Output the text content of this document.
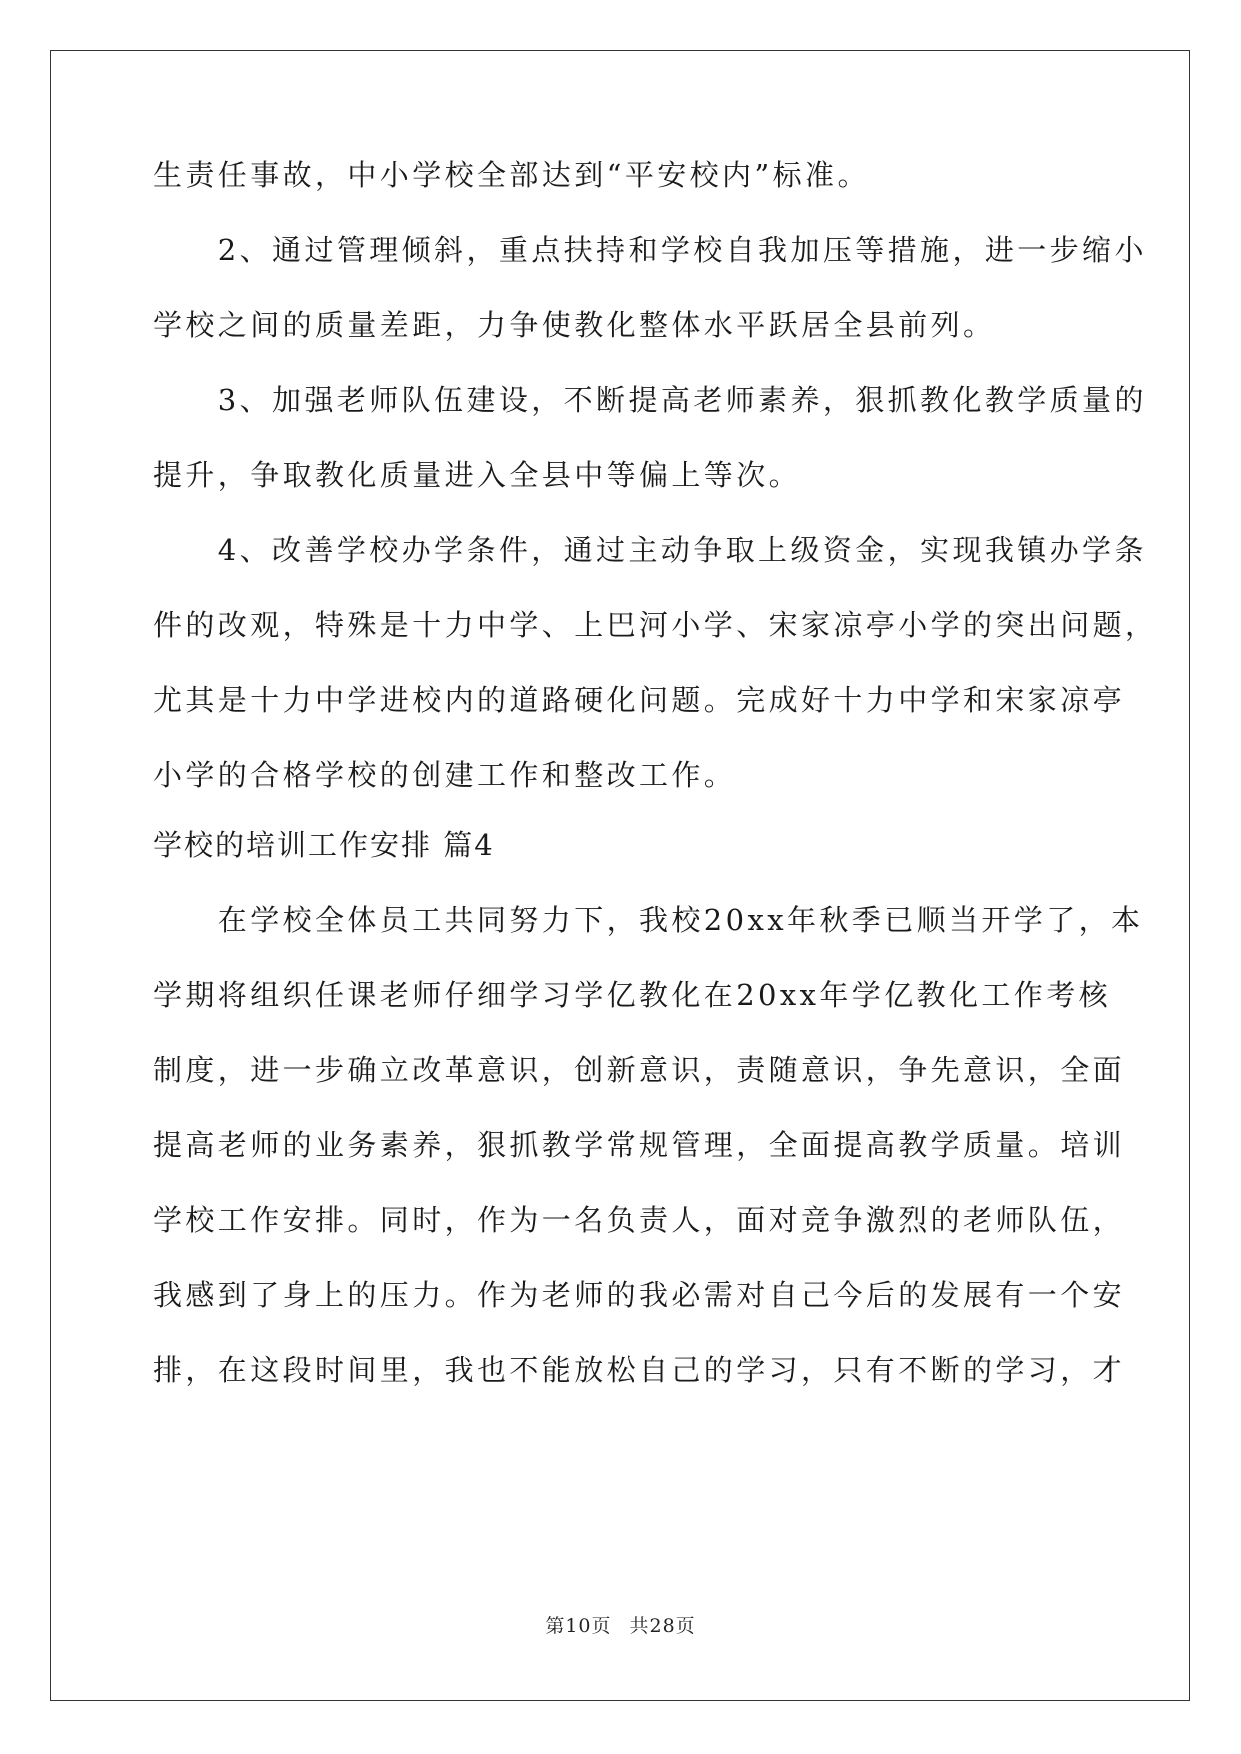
生责任事故，中小学校全部达到“平安校内”标准。
　　2、通过管理倾斜，重点扶持和学校自我加压等措施，进一步缩小
学校之间的质量差距，力争使教化整体水平跃居全县前列。
　　3、加强老师队伍建设，不断提高老师素养，狠抓教化教学质量的
提升，争取教化质量进入全县中等偏上等次。
　　4、改善学校办学条件，通过主动争取上级资金，实现我镇办学条
件的改观，特殊是十力中学、上巴河小学、宋家凉亭小学的突出问题，
尤其是十力中学进校内的道路硬化问题。完成好十力中学和宋家凉亭
小学的合格学校的创建工作和整改工作。
学校的培训工作安排 篇4
　　在学校全体员工共同努力下，我校20xx年秋季已顺当开学了，本
学期将组织任课老师仔细学习学亿教化在20xx年学亿教化工作考核
制度，进一步确立改革意识，创新意识，责随意识，争先意识，全面
提高老师的业务素养，狠抓教学常规管理，全面提高教学质量。培训
学校工作安排。同时，作为一名负责人，面对竞争激烈的老师队伍，
我感到了身上的压力。作为老师的我必需对自己今后的发展有一个安
排，在这段时间里，我也不能放松自己的学习，只有不断的学习，才
第10页 共28页
